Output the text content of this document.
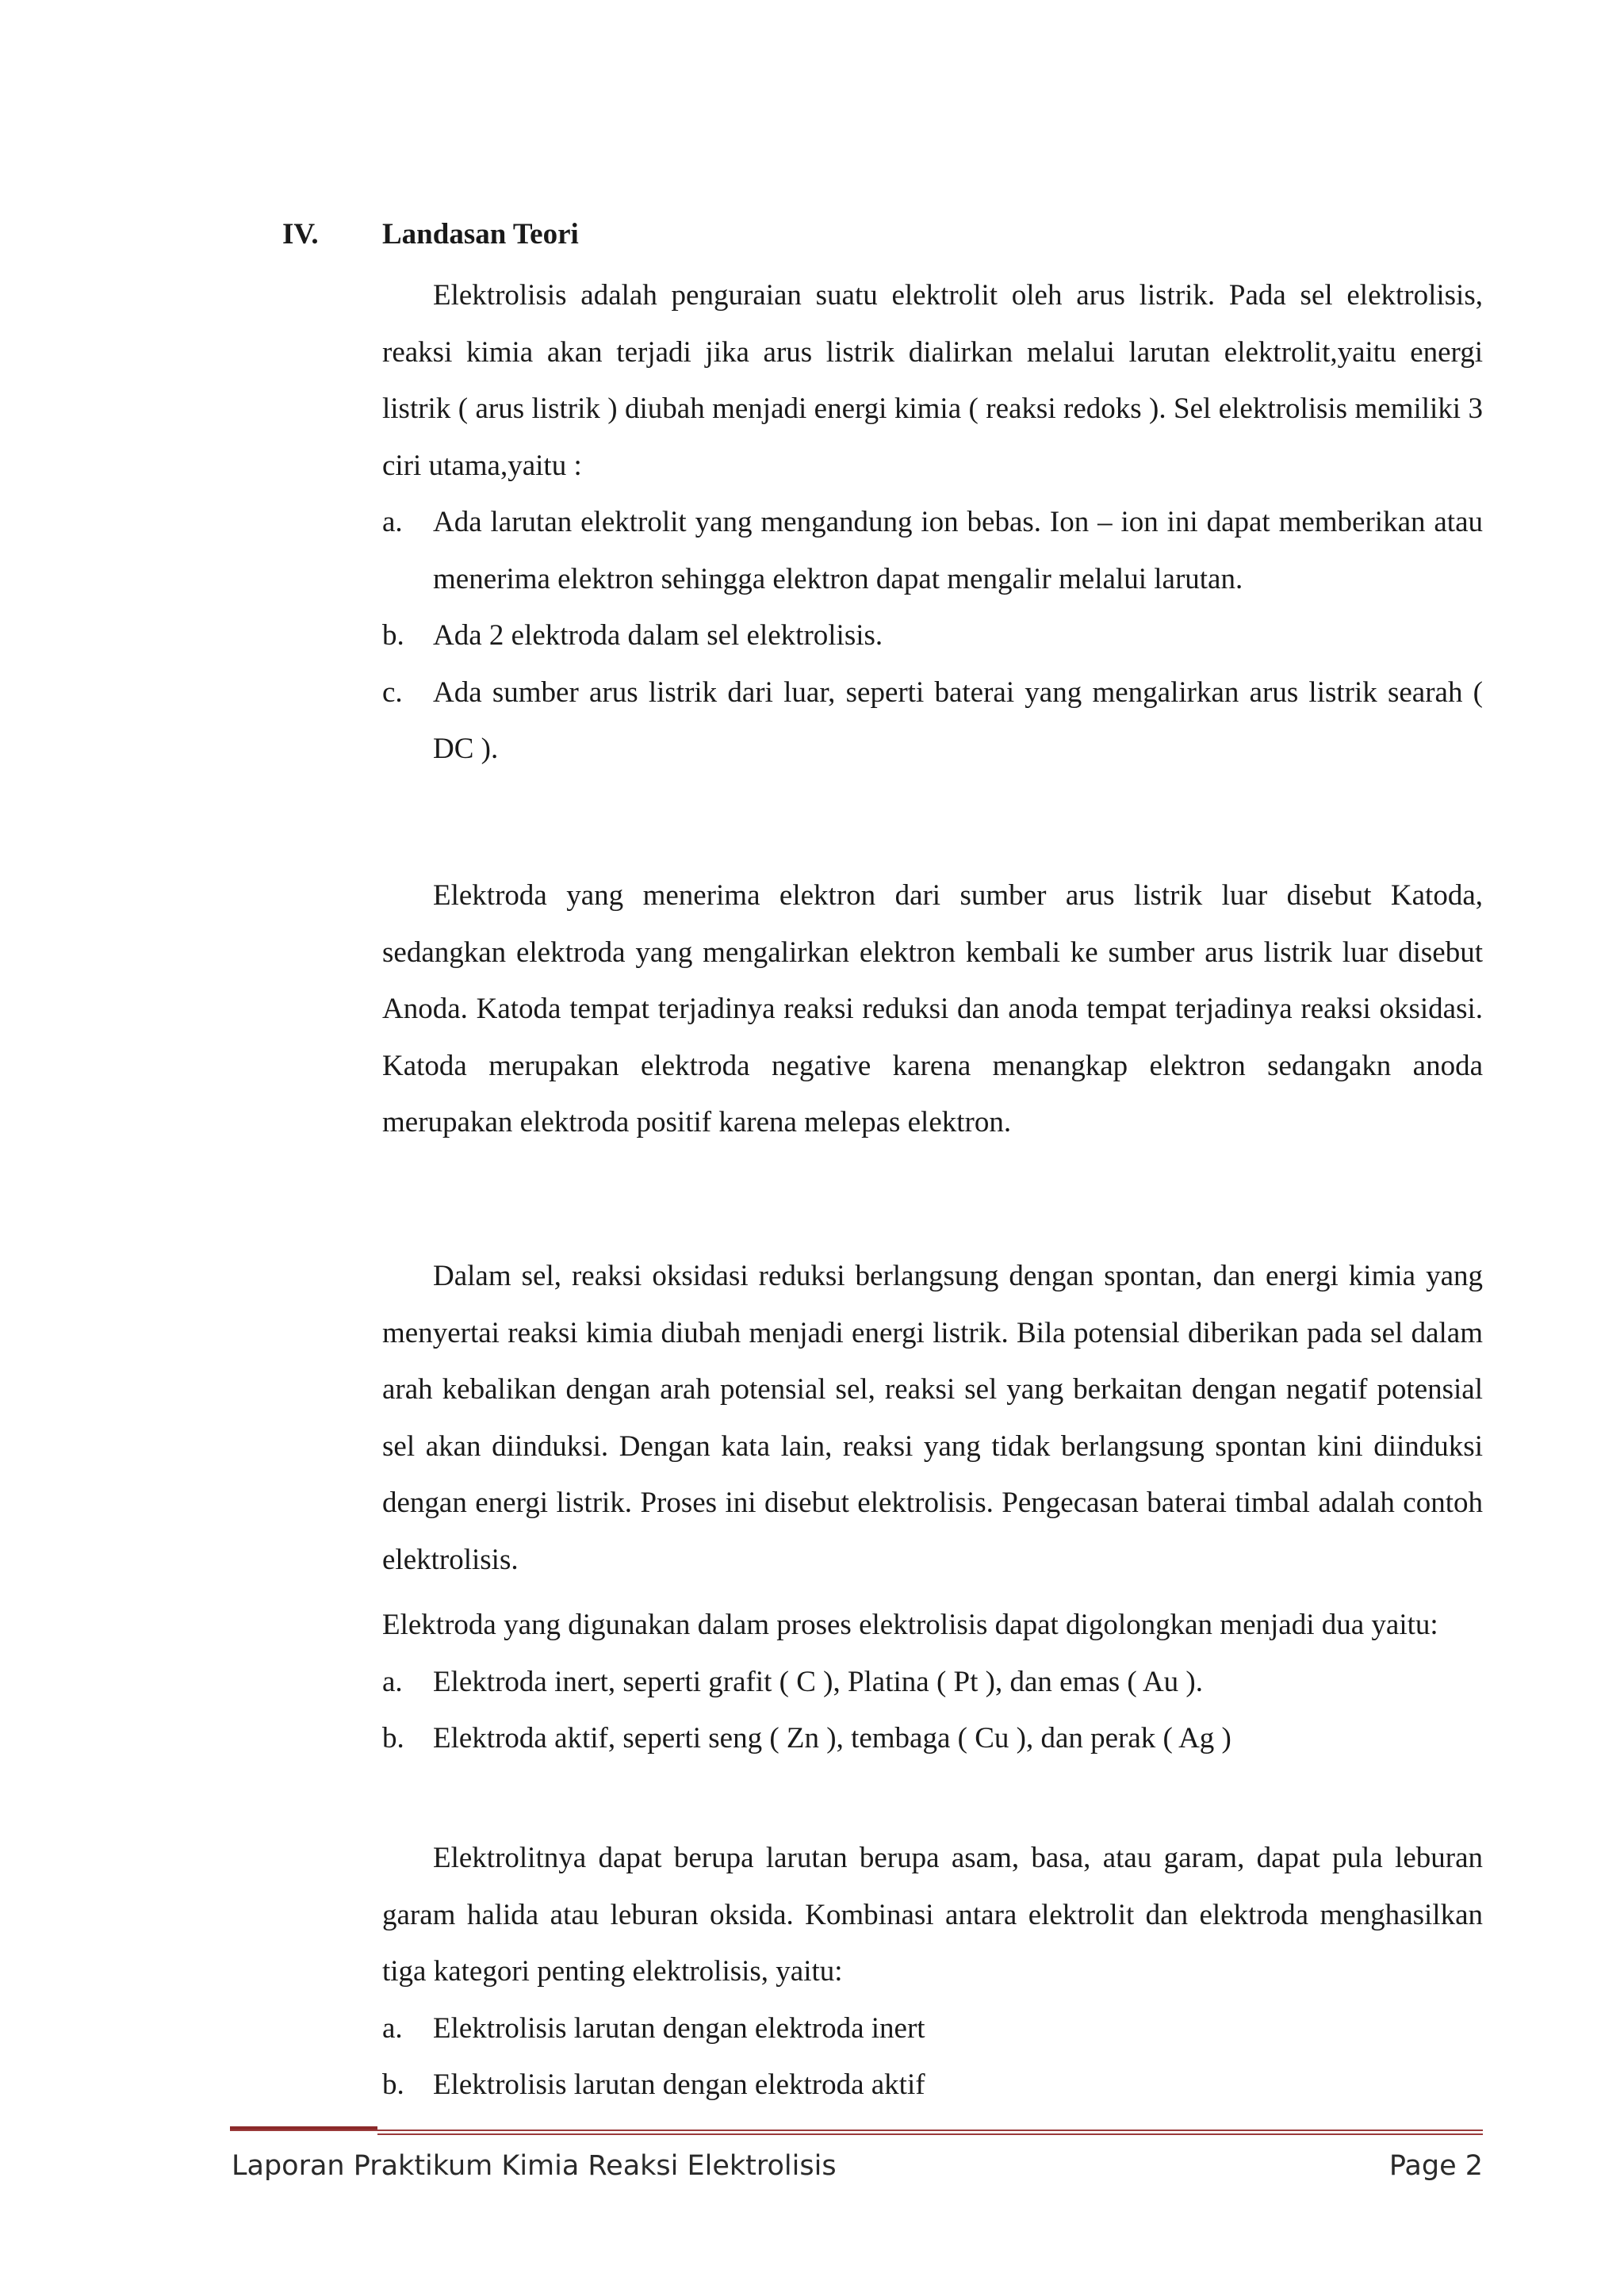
IV. Landasan Teori

Elektrolisis adalah penguraian suatu elektrolit oleh arus listrik. Pada sel elektrolisis, reaksi kimia akan terjadi jika arus listrik dialirkan melalui larutan elektrolit,yaitu energi listrik ( arus listrik ) diubah menjadi energi kimia ( reaksi redoks ). Sel elektrolisis memiliki 3 ciri utama,yaitu :

a. Ada larutan elektrolit yang mengandung ion bebas. Ion – ion ini dapat memberikan atau menerima elektron sehingga elektron dapat mengalir melalui larutan.
b. Ada 2 elektroda dalam sel elektrolisis.
c. Ada sumber arus listrik dari luar, seperti baterai yang mengalirkan arus listrik searah ( DC ).

Elektroda yang menerima elektron dari sumber arus listrik luar disebut Katoda, sedangkan elektroda yang mengalirkan elektron kembali ke sumber arus listrik luar disebut Anoda. Katoda tempat terjadinya reaksi reduksi dan anoda tempat terjadinya reaksi oksidasi. Katoda merupakan elektroda negative karena menangkap elektron sedangakn anoda merupakan elektroda positif karena melepas elektron.

Dalam sel, reaksi oksidasi reduksi berlangsung dengan spontan, dan energi kimia yang menyertai reaksi kimia diubah menjadi energi listrik. Bila potensial diberikan pada sel dalam arah kebalikan dengan arah potensial sel, reaksi sel yang berkaitan dengan negatif potensial sel akan diinduksi. Dengan kata lain, reaksi yang tidak berlangsung spontan kini diinduksi dengan energi listrik. Proses ini disebut elektrolisis. Pengecasan baterai timbal adalah contoh elektrolisis.

Elektroda yang digunakan dalam proses elektrolisis dapat digolongkan menjadi dua yaitu:

a. Elektroda inert, seperti grafit ( C ), Platina ( Pt ), dan emas ( Au ).
b. Elektroda aktif, seperti seng ( Zn ), tembaga ( Cu ), dan perak ( Ag )

Elektrolitnya dapat berupa larutan berupa asam, basa, atau garam, dapat pula leburan garam halida atau leburan oksida. Kombinasi antara elektrolit dan elektroda menghasilkan tiga kategori penting elektrolisis, yaitu:

a. Elektrolisis larutan dengan elektroda inert
b. Elektrolisis larutan dengan elektroda aktif
Laporan Praktikum Kimia Reaksi Elektrolisis	Page 2
